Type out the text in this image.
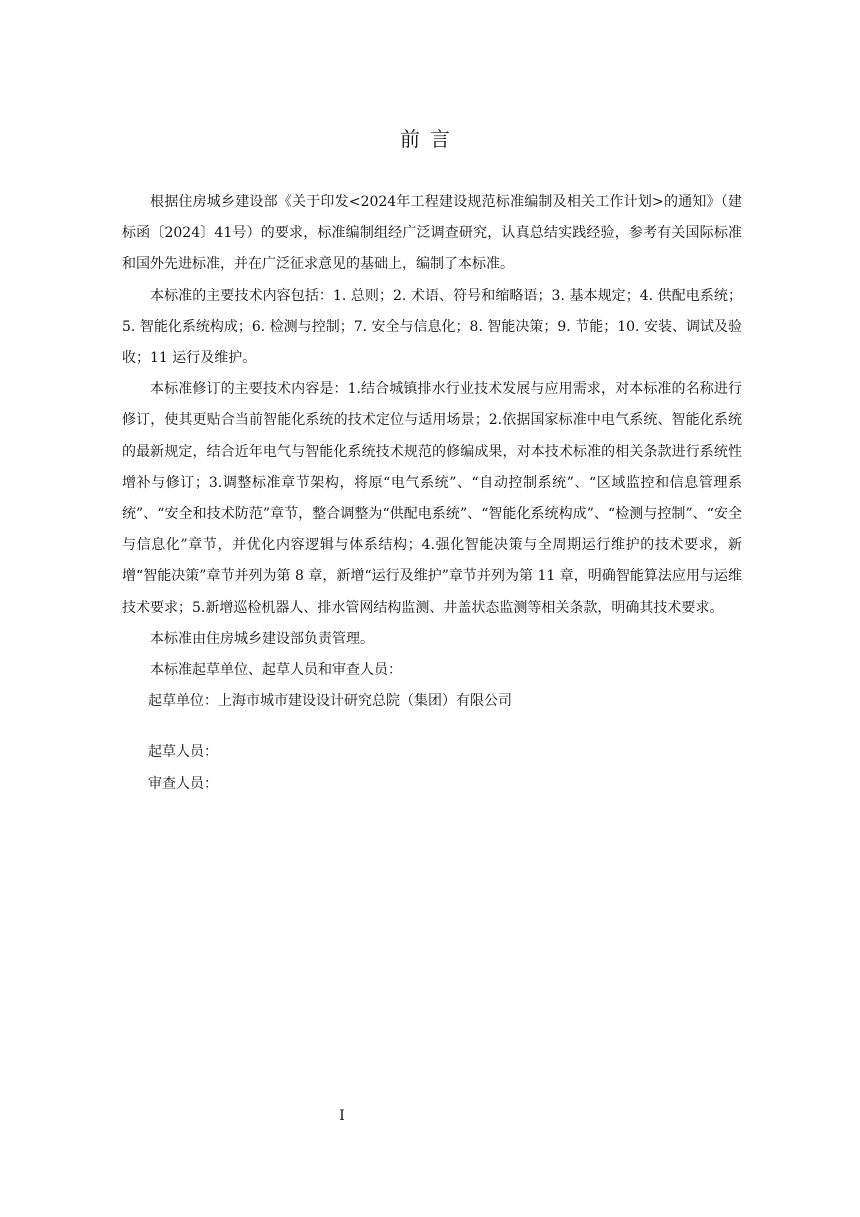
前言

根据住房城乡建设部《关于印发<2024年工程建设规范标准编制及相关工作计划>的通知》（建标函〔2024〕41号）的要求，标准编制组经广泛调查研究，认真总结实践经验，参考有关国际标准和国外先进标准，并在广泛征求意见的基础上，编制了本标准。

本标准的主要技术内容包括：1. 总则；2. 术语、符号和缩略语；3. 基本规定；4. 供配电系统；5. 智能化系统构成；6. 检测与控制；7. 安全与信息化；8. 智能决策；9. 节能；10. 安装、调试及验收；11 运行及维护。

本标准修订的主要技术内容是：1.结合城镇排水行业技术发展与应用需求，对本标准的名称进行修订，使其更贴合当前智能化系统的技术定位与适用场景；2.依据国家标准中电气系统、智能化系统的最新规定，结合近年电气与智能化系统技术规范的修编成果，对本技术标准的相关条款进行系统性增补与修订；3.调整标准章节架构，将原“电气系统”、“自动控制系统”、“区域监控和信息管理系统”、“安全和技术防范”章节，整合调整为“供配电系统”、“智能化系统构成”、“检测与控制”、“安全与信息化”章节，并优化内容逻辑与体系结构；4.强化智能决策与全周期运行维护的技术要求，新增“智能决策”章节并列为第 8 章，新增“运行及维护”章节并列为第 11 章，明确智能算法应用与运维技术要求；5.新增巡检机器人、排水管网结构监测、井盖状态监测等相关条款，明确其技术要求。

本标准由住房城乡建设部负责管理。

本标准起草单位、起草人员和审查人员：

起草单位：上海市城市建设设计研究总院（集团）有限公司

起草人员：

审查人员：

I
